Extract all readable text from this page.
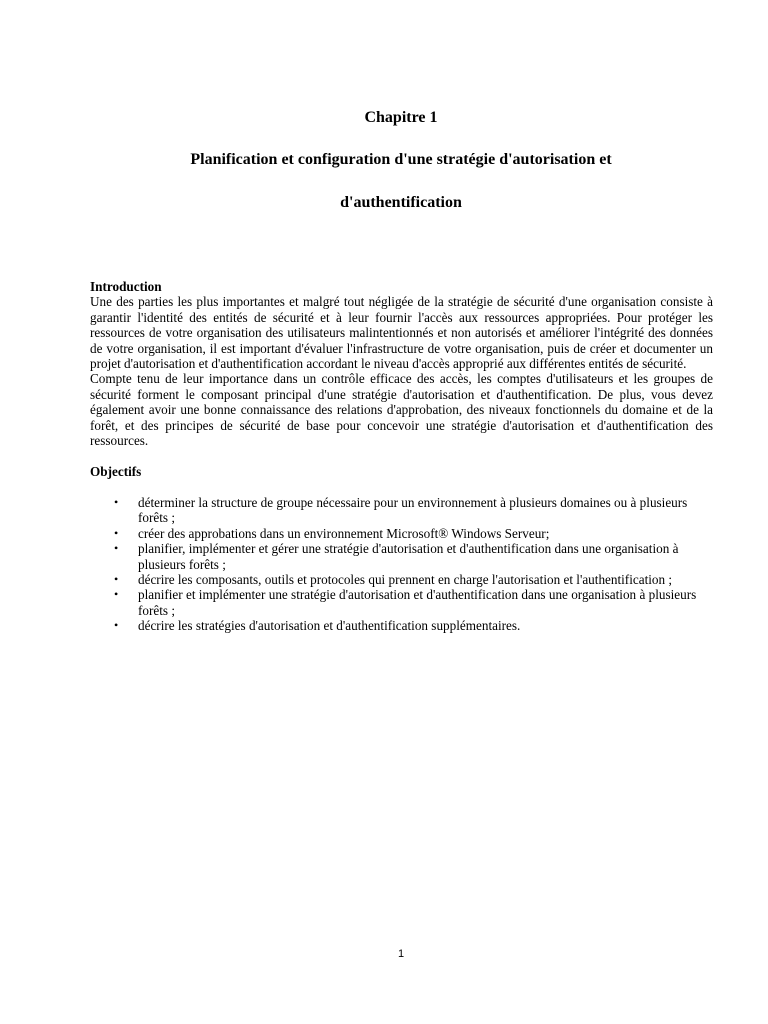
Chapitre 1
Planification et configuration d'une stratégie d'autorisation et
d'authentification

Introduction

Une des parties les plus importantes et malgré tout négligée de la stratégie de sécurité d'une organisation consiste à garantir l'identité des entités de sécurité et à leur fournir l'accès aux ressources appropriées. Pour protéger les ressources de votre organisation des utilisateurs malintentionnés et non autorisés et améliorer l'intégrité des données de votre organisation, il est important d'évaluer l'infrastructure de votre organisation, puis de créer et documenter un projet d'autorisation et d'authentification accordant le niveau d'accès approprié aux différentes entités de sécurité.

Compte tenu de leur importance dans un contrôle efficace des accès, les comptes d'utilisateurs et les groupes de sécurité forment le composant principal d'une stratégie d'autorisation et d'authentification. De plus, vous devez également avoir une bonne connaissance des relations d'approbation, des niveaux fonctionnels du domaine et de la forêt, et des principes de sécurité de base pour concevoir une stratégie d'autorisation et d'authentification des ressources.

Objectifs

• déterminer la structure de groupe nécessaire pour un environnement à plusieurs domaines ou à plusieurs forêts ;
• créer des approbations dans un environnement Microsoft® Windows Serveur;
• planifier, implémenter et gérer une stratégie d'autorisation et d'authentification dans une organisation à plusieurs forêts ;
• décrire les composants, outils et protocoles qui prennent en charge l'autorisation et l'authentification ;
• planifier et implémenter une stratégie d'autorisation et d'authentification dans une organisation à plusieurs forêts ;
• décrire les stratégies d'autorisation et d'authentification supplémentaires.
1
